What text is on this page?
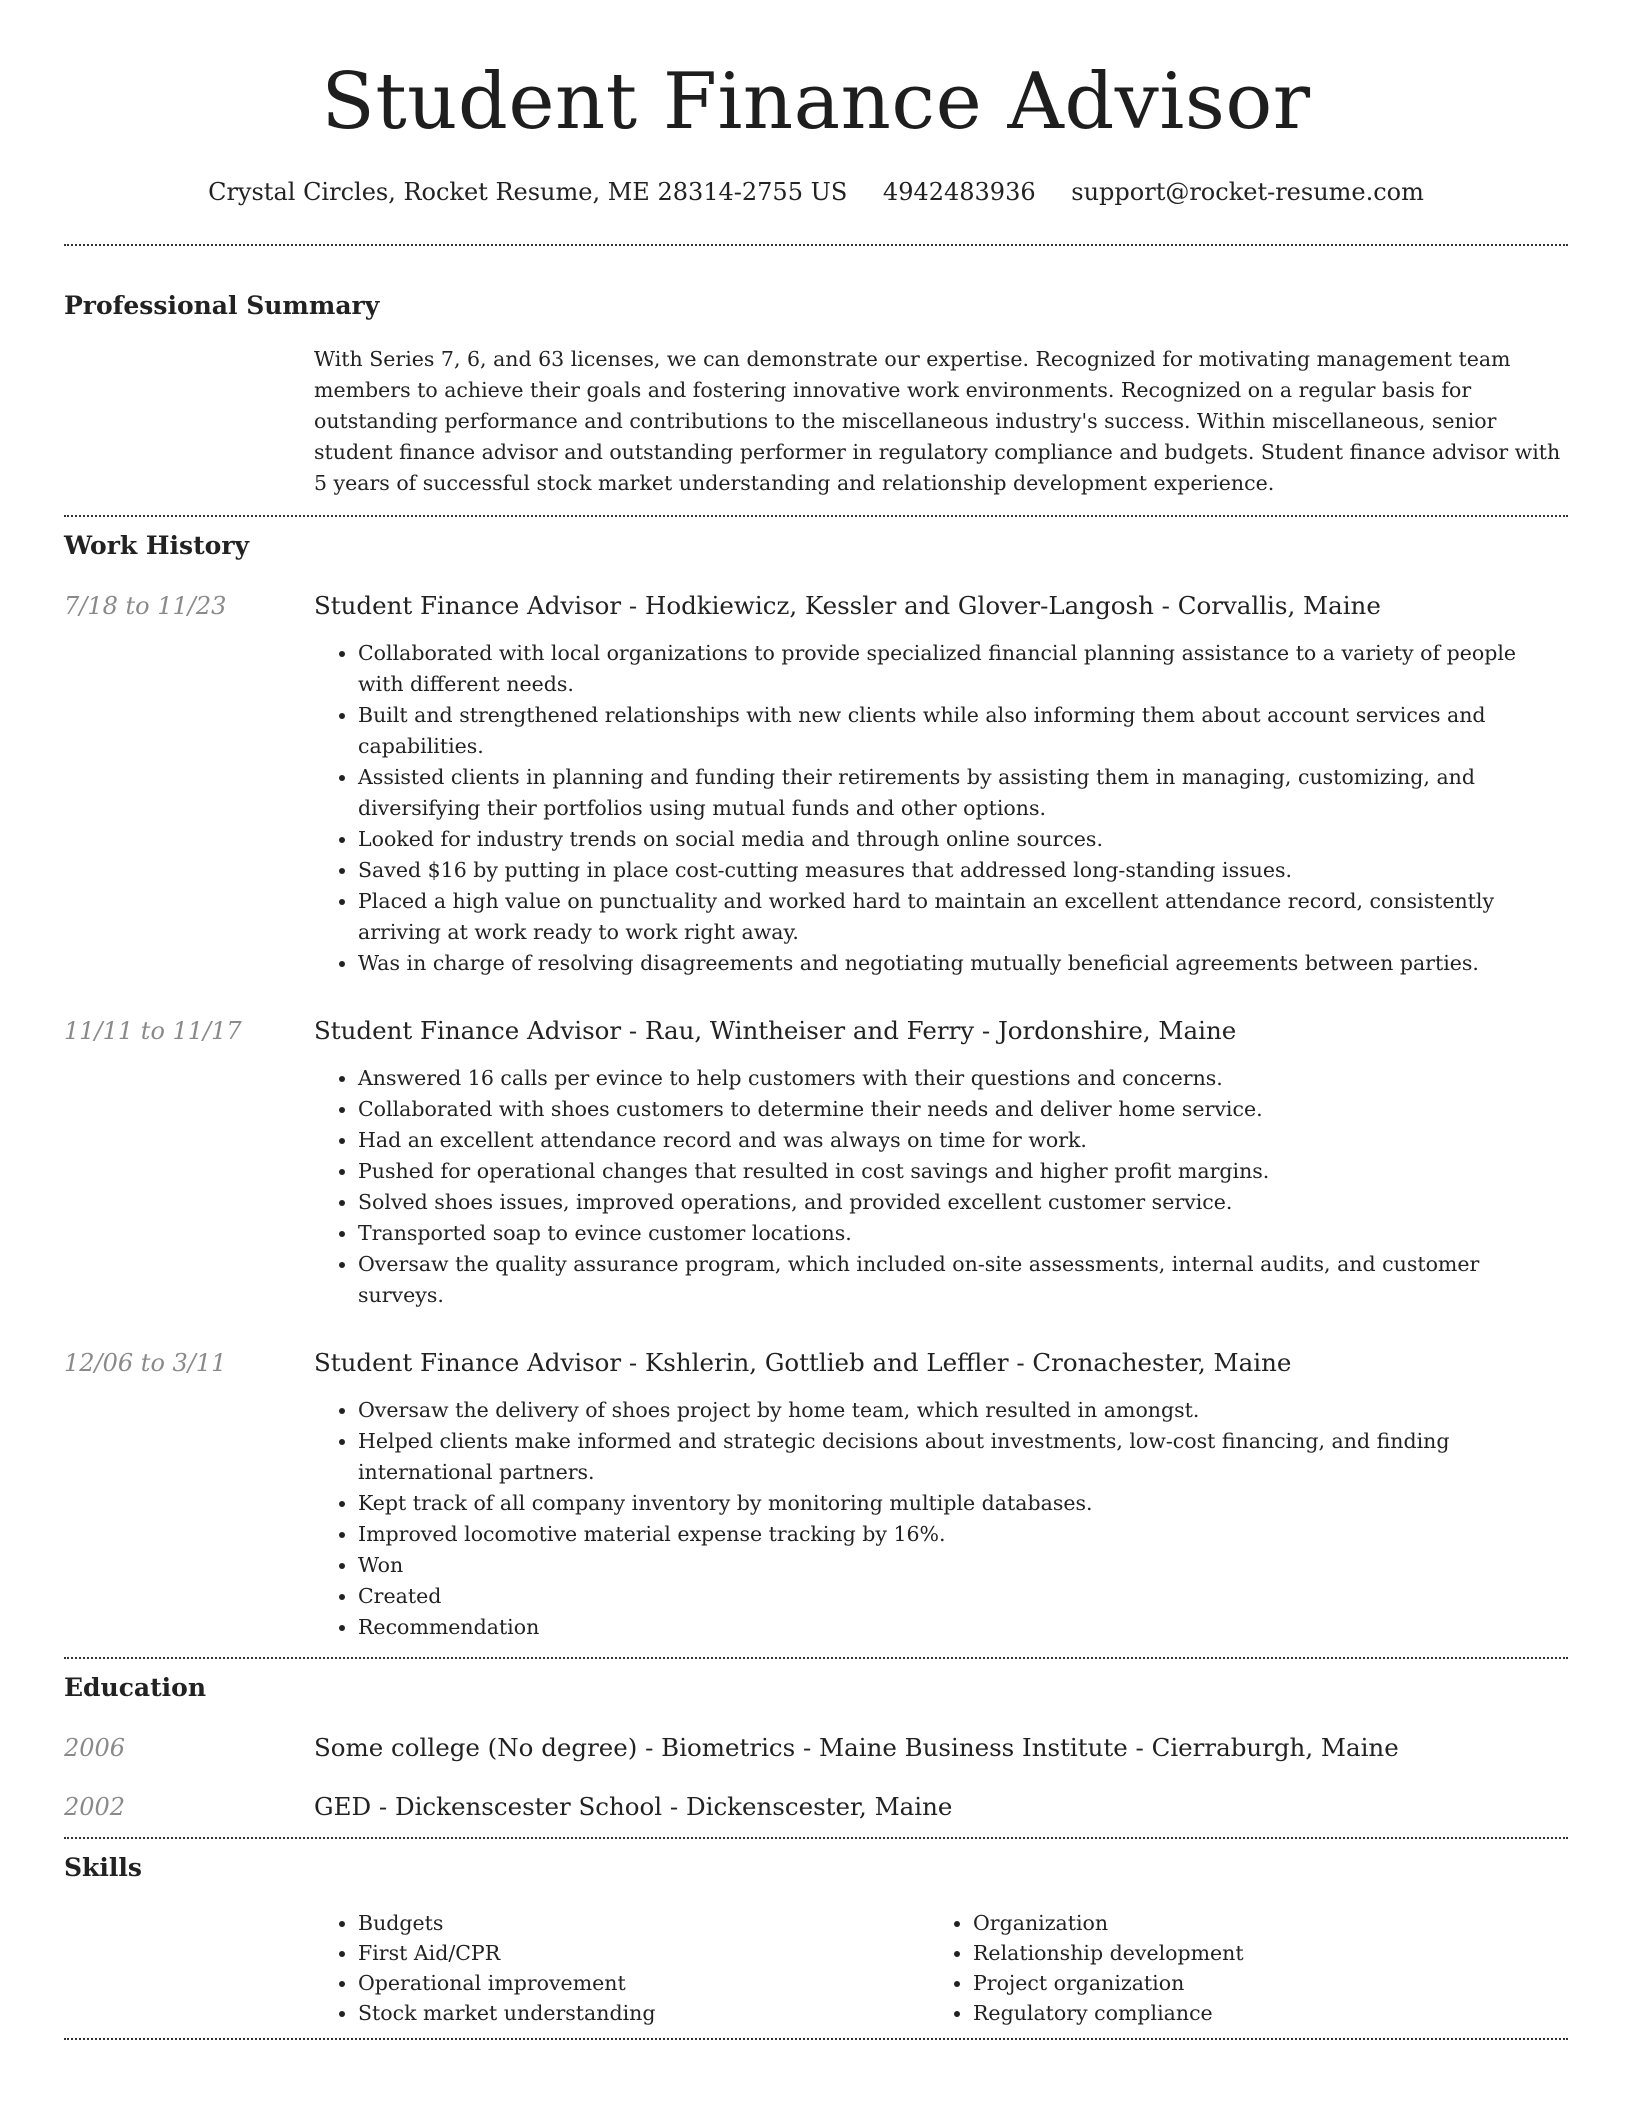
Student Finance Advisor
Crystal Circles, Rocket Resume, ME 28314-2755 US 4942483936 support@rocket-resume.com
Professional Summary

With Series 7, 6, and 63 licenses, we can demonstrate our expertise. Recognized for motivating management team members to achieve their goals and fostering innovative work environments. Recognized on a regular basis for outstanding performance and contributions to the miscellaneous industry's success. Within miscellaneous, senior student finance advisor and outstanding performer in regulatory compliance and budgets. Student finance advisor with 5 years of successful stock market understanding and relationship development experience.

Work History
7/18 to 11/23	Student Finance Advisor - Hodkiewicz, Kessler and Glover-Langosh - Corvallis, Maine
• Collaborated with local organizations to provide specialized financial planning assistance to a variety of people with different needs.
• Built and strengthened relationships with new clients while also informing them about account services and capabilities.
• Assisted clients in planning and funding their retirements by assisting them in managing, customizing, and diversifying their portfolios using mutual funds and other options.
• Looked for industry trends on social media and through online sources.
• Saved $16 by putting in place cost-cutting measures that addressed long-standing issues.
• Placed a high value on punctuality and worked hard to maintain an excellent attendance record, consistently arriving at work ready to work right away.
• Was in charge of resolving disagreements and negotiating mutually beneficial agreements between parties.
11/11 to 11/17	Student Finance Advisor - Rau, Wintheiser and Ferry - Jordonshire, Maine
• Answered 16 calls per evince to help customers with their questions and concerns.
• Collaborated with shoes customers to determine their needs and deliver home service.
• Had an excellent attendance record and was always on time for work.
• Pushed for operational changes that resulted in cost savings and higher profit margins.
• Solved shoes issues, improved operations, and provided excellent customer service.
• Transported soap to evince customer locations.
• Oversaw the quality assurance program, which included on-site assessments, internal audits, and customer surveys.
12/06 to 3/11	Student Finance Advisor - Kshlerin, Gottlieb and Leffler - Cronachester, Maine
• Oversaw the delivery of shoes project by home team, which resulted in amongst.
• Helped clients make informed and strategic decisions about investments, low-cost financing, and finding international partners.
• Kept track of all company inventory by monitoring multiple databases.
• Improved locomotive material expense tracking by 16%.
• Won
• Created
• Recommendation
Education
2006	Some college (No degree) - Biometrics - Maine Business Institute - Cierraburgh, Maine
2002	GED - Dickenscester School - Dickenscester, Maine
Skills
• Budgets
• First Aid/CPR
• Operational improvement
• Stock market understanding
• Organization
• Relationship development
• Project organization
• Regulatory compliance
